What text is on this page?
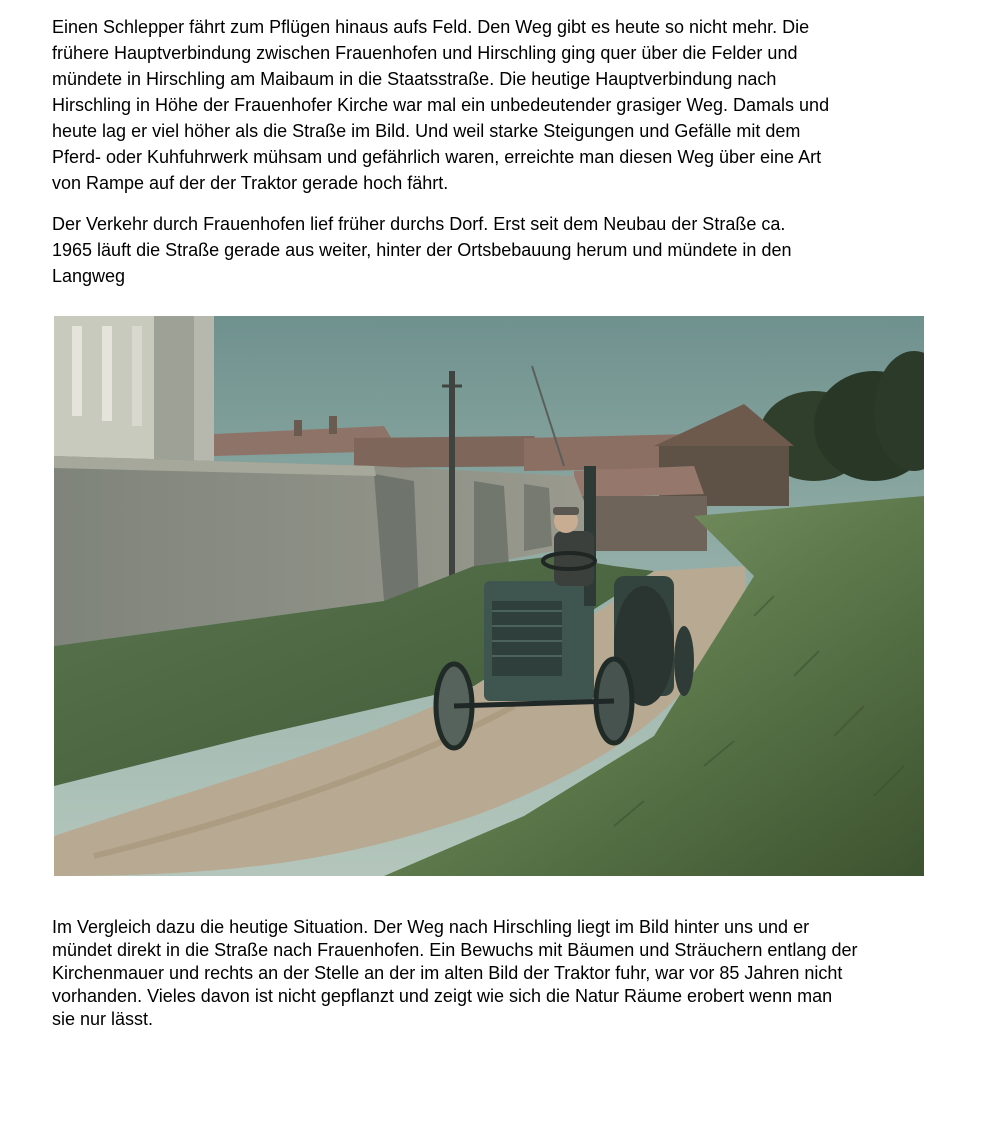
Einen Schlepper fährt zum Pflügen hinaus aufs Feld. Den Weg gibt es heute so nicht mehr. Die
frühere Hauptverbindung zwischen Frauenhofen und Hirschling ging quer über die Felder und
mündete in Hirschling am Maibaum in die Staatsstraße. Die heutige Hauptverbindung nach
Hirschling in Höhe der Frauenhofer Kirche war mal ein unbedeutender grasiger Weg. Damals und
heute lag er viel höher als die Straße im Bild. Und weil starke Steigungen und Gefälle mit dem
Pferd- oder Kuhfuhrwerk mühsam und gefährlich waren, erreichte man diesen Weg über eine Art
von Rampe auf der der Traktor gerade hoch fährt.

Der Verkehr durch Frauenhofen lief früher durchs Dorf. Erst seit dem Neubau der Straße ca.
1965 läuft die Straße gerade aus weiter, hinter der Ortsbebauung herum und mündete in den
Langweg

Im Vergleich dazu die heutige Situation. Der Weg nach Hirschling liegt im Bild hinter uns und er
mündet direkt in die Straße nach Frauenhofen. Ein Bewuchs mit Bäumen und Sträuchern entlang der
Kirchenmauer und rechts an der Stelle an der im alten Bild der Traktor fuhr, war vor 85 Jahren nicht
vorhanden. Vieles davon ist nicht gepflanzt und zeigt wie sich die Natur Räume erobert wenn man
sie nur lässt.
